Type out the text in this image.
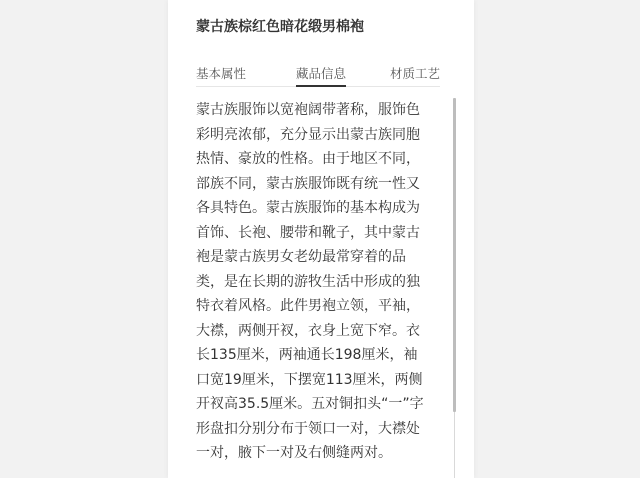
蒙古族棕红色暗花缎男棉袍
基本属性	藏品信息	材质工艺
蒙古族服饰以宽袍阔带著称，服饰色彩明亮浓郁，充分显示出蒙古族同胞热情、豪放的性格。由于地区不同，部族不同，蒙古族服饰既有统一性又各具特色。蒙古族服饰的基本构成为首饰、长袍、腰带和靴子，其中蒙古袍是蒙古族男女老幼最常穿着的品类，是在长期的游牧生活中形成的独特衣着风格。此件男袍立领，平袖，大襟，两侧开衩，衣身上宽下窄。衣长135厘米，两袖通长198厘米，袖口宽19厘米，下摆宽113厘米，两侧开衩高35.5厘米。五对铜扣头“一”字形盘扣分别分布于领口一对，大襟处一对，腋下一对及右侧缝两对。
